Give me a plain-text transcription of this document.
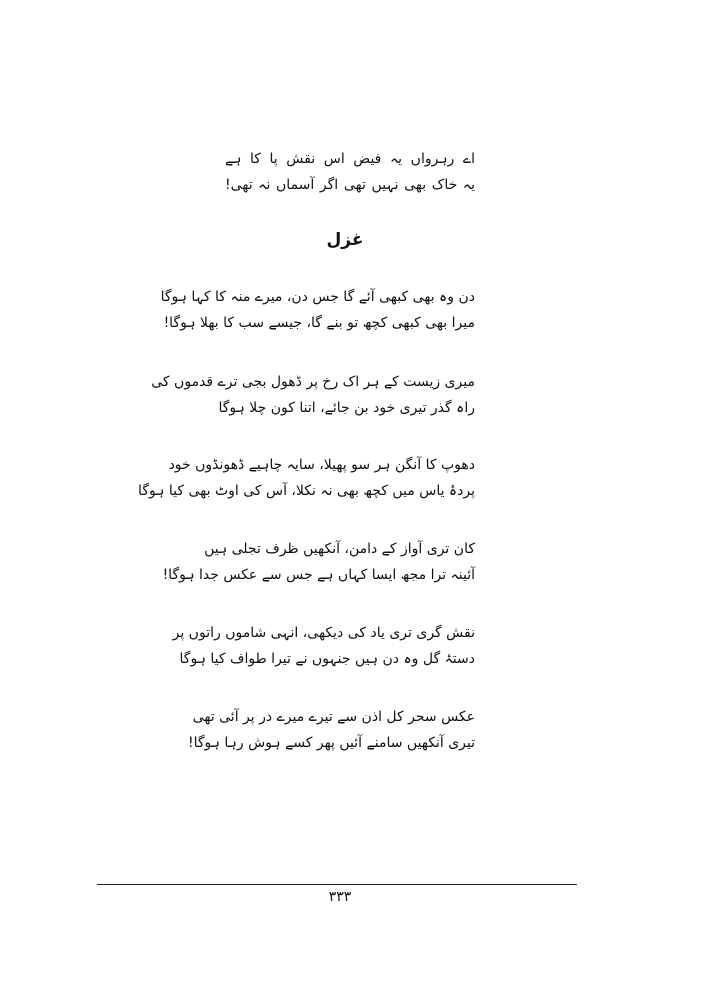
اے رہرواں یہ فیض اس نقش پا کا ہے
یہ خاک بھی نہیں تھی اگر آسماں نہ تھی!
غزل
دن وہ بھی کبھی آئے گا جس دن، میرے منہ کا کہا ہوگا
میرا بھی کبھی کچھ تو بنے گا، جیسے سب کا بھلا ہوگا!
میری زیست کے ہر اک رخ پر ڈھول بجی ترے قدموں کی
راہ گذر تیری خود بن جائے، اتنا کون چلا ہوگا
دھوپ کا آنگن ہر سو پھیلا، سایہ چاہیے ڈھونڈوں خود
پردۂ یاس میں کچھ بھی نہ نکلا، آس کی اوٹ بھی کیا ہوگا
کان تری آواز کے دامن، آنکھیں ظرف تجلی ہیں
آئینہ ترا مجھ ایسا کہاں ہے جس سے عکس جدا ہوگا!
نقش گری تری یاد کی دیکھی، انہی شاموں راتوں پر
دستۂ گل وہ دن ہیں جنہوں نے تیرا طواف کیا ہوگا
عکس سحر کل اذن سے تیرے میرے در پر آئی تھی
تیری آنکھیں سامنے آئیں پھر کسے ہوش رہا ہوگا!
۳۳۳
